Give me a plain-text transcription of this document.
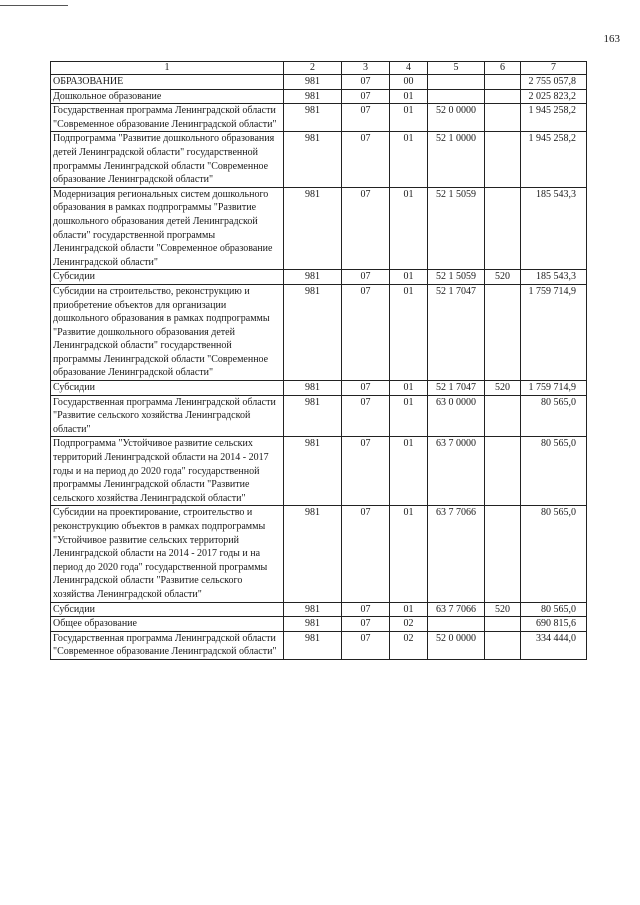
163
1	2	3	4	5	6	7
ОБРАЗОВАНИЕ	981	07	00			2 755 057,8
Дошкольное образование	981	07	01			2 025 823,2
Государственная программа Ленинградской области "Современное образование Ленинградской области"	981	07	01	52 0 0000		1 945 258,2
Подпрограмма "Развитие дошкольного образования детей Ленинградской области" государственной программы Ленинградской области "Современное образование Ленинградской области"	981	07	01	52 1 0000		1 945 258,2
Модернизация региональных систем дошкольного образования в рамках подпрограммы "Развитие дошкольного образования детей Ленинградской области" государственной программы Ленинградской области "Современное образование Ленинградской области"	981	07	01	52 1 5059		185 543,3
Субсидии	981	07	01	52 1 5059	520	185 543,3
Субсидии на строительство, реконструкцию и приобретение объектов для организации дошкольного образования в рамках подпрограммы "Развитие дошкольного образования детей Ленинградской области" государственной программы Ленинградской области "Современное образование Ленинградской области"	981	07	01	52 1 7047		1 759 714,9
Субсидии	981	07	01	52 1 7047	520	1 759 714,9
Государственная программа Ленинградской области "Развитие сельского хозяйства Ленинградской области"	981	07	01	63 0 0000		80 565,0
Подпрограмма "Устойчивое развитие сельских территорий Ленинградской области на 2014 - 2017 годы и на период до 2020 года" государственной программы Ленинградской области "Развитие сельского хозяйства Ленинградской области"	981	07	01	63 7 0000		80 565,0
Субсидии на проектирование, строительство и реконструкцию объектов в рамках подпрограммы "Устойчивое развитие сельских территорий Ленинградской области на 2014 - 2017 годы и на период до 2020 года" государственной программы Ленинградской области "Развитие сельского хозяйства Ленинградской области"	981	07	01	63 7 7066		80 565,0
Субсидии	981	07	01	63 7 7066	520	80 565,0
Общее образование	981	07	02			690 815,6
Государственная программа Ленинградской области "Современное образование Ленинградской области"	981	07	02	52 0 0000		334 444,0
